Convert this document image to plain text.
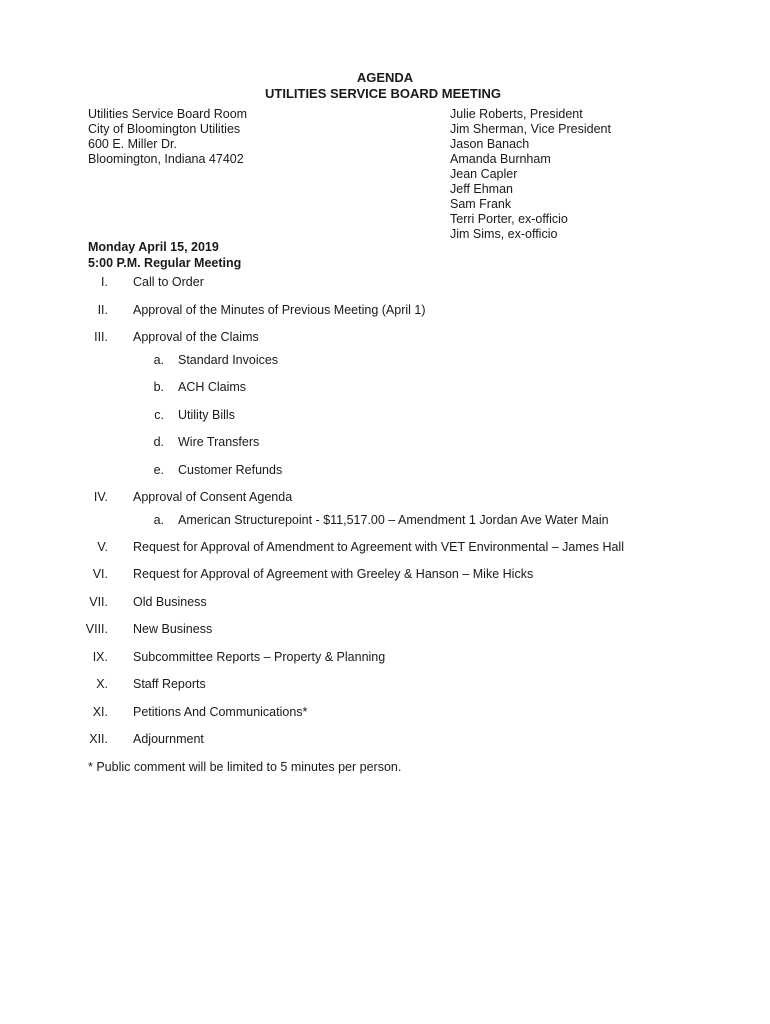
AGENDA
UTILITIES SERVICE BOARD MEETING
Utilities Service Board Room
City of Bloomington Utilities
600 E. Miller Dr.
Bloomington, Indiana 47402
Julie Roberts, President
Jim Sherman, Vice President
Jason Banach
Amanda Burnham
Jean Capler
Jeff Ehman
Sam Frank
Terri Porter, ex-officio
Jim Sims, ex-officio
Monday April 15, 2019
5:00 P.M. Regular Meeting
I. Call to Order
II. Approval of the Minutes of Previous Meeting (April 1)
III. Approval of the Claims
a. Standard Invoices
b. ACH Claims
c. Utility Bills
d. Wire Transfers
e. Customer Refunds
IV. Approval of Consent Agenda
a. American Structurepoint - $11,517.00 – Amendment 1 Jordan Ave Water Main
V. Request for Approval of Amendment to Agreement with VET Environmental – James Hall
VI. Request for Approval of Agreement with Greeley & Hanson – Mike Hicks
VII. Old Business
VIII. New Business
IX. Subcommittee Reports – Property & Planning
X. Staff Reports
XI. Petitions And Communications*
XII. Adjournment
* Public comment will be limited to 5 minutes per person.
